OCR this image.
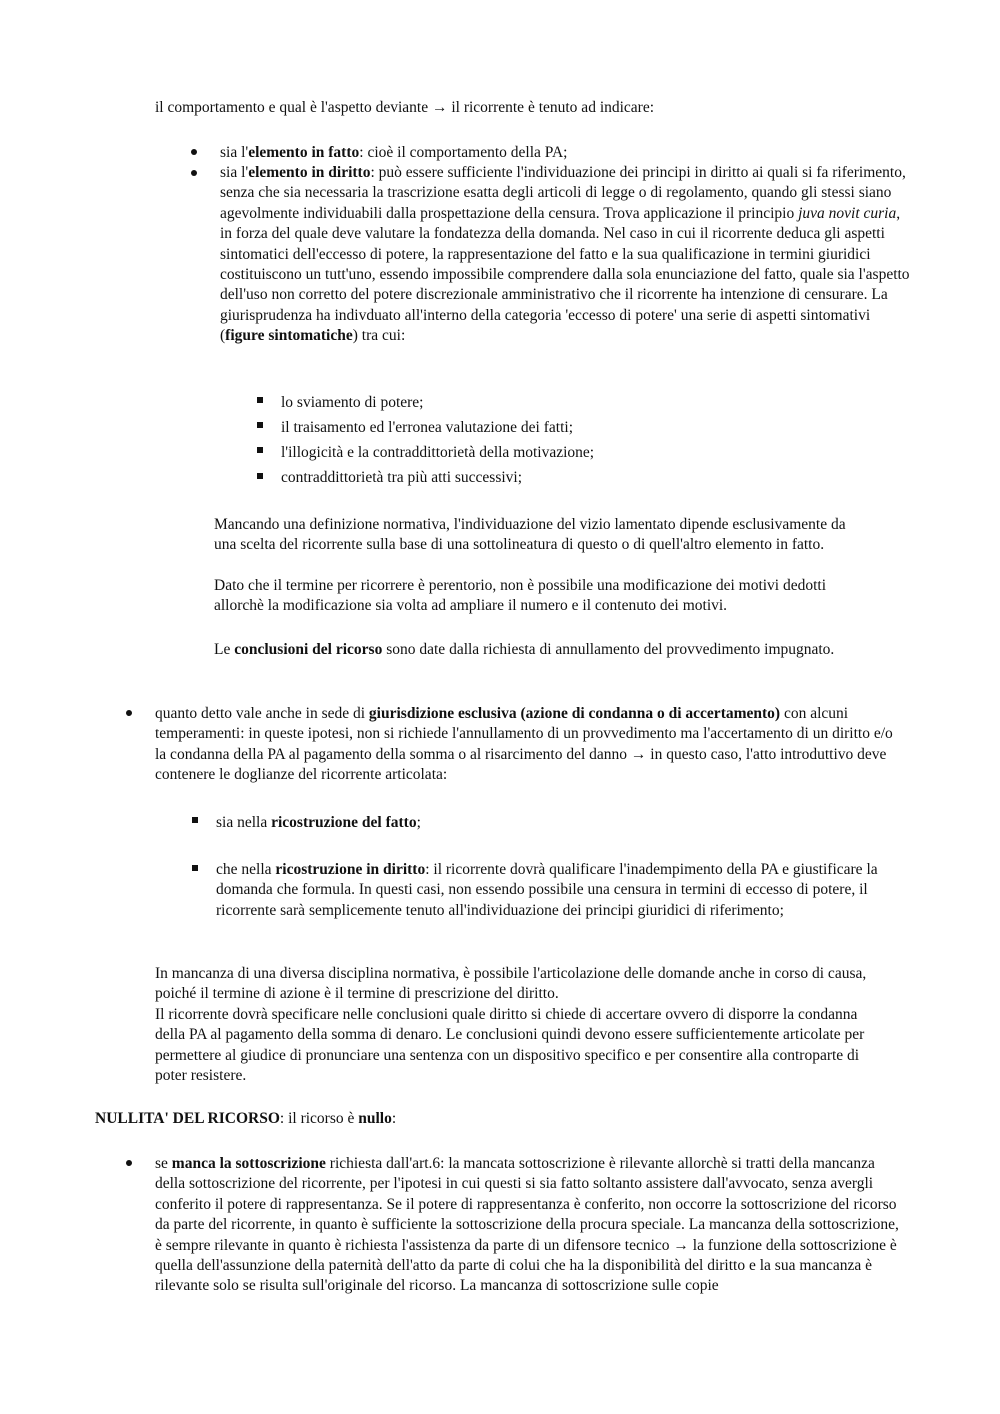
il comportamento e qual è l'aspetto deviante → il ricorrente è tenuto ad indicare:

sia l'elemento in fatto: cioè il comportamento della PA;

sia l'elemento in diritto: può essere sufficiente l'individuazione dei principi in diritto ai quali si fa riferimento, senza che sia necessaria la trascrizione esatta degli articoli di legge o di regolamento, quando gli stessi siano agevolmente individuabili dalla prospettazione della censura. Trova applicazione il principio juva novit curia, in forza del quale deve valutare la fondatezza della domanda. Nel caso in cui il ricorrente deduca gli aspetti sintomatici dell'eccesso di potere, la rappresentazione del fatto e la sua qualificazione in termini giuridici costituiscono un tutt'uno, essendo impossibile comprendere dalla sola enunciazione del fatto, quale sia l'aspetto dell'uso non corretto del potere discrezionale amministrativo che il ricorrente ha intenzione di censurare. La giurisprudenza ha indivduato all'interno della categoria 'eccesso di potere' una serie di aspetti sintomativi (figure sintomatiche) tra cui:

lo sviamento di potere;

il traisamento ed l'erronea valutazione dei fatti;

l'illogicità e la contraddittorietà della motivazione;

contraddittorietà tra più atti successivi;

Mancando una definizione normativa, l'individuazione del vizio lamentato dipende esclusivamente da una scelta del ricorrente sulla base di una sottolineatura di questo o di quell'altro elemento in fatto.

Dato che il termine per ricorrere è perentorio, non è possibile una modificazione dei motivi dedotti allorchè la modificazione sia volta ad ampliare il numero e il contenuto dei motivi.

Le conclusioni del ricorso sono date dalla richiesta di annullamento del provvedimento impugnato.

quanto detto vale anche in sede di giurisdizione esclusiva (azione di condanna o di accertamento) con alcuni temperamenti: in queste ipotesi, non si richiede l'annullamento di un provvedimento ma l'accertamento di un diritto e/o la condanna della PA al pagamento della somma o al risarcimento del danno → in questo caso, l'atto introduttivo deve contenere le doglianze del ricorrente articolata:

sia nella ricostruzione del fatto;

che nella ricostruzione in diritto: il ricorrente dovrà qualificare l'inadempimento della PA e giustificare la domanda che formula. In questi casi, non essendo possibile una censura in termini di eccesso di potere, il ricorrente sarà semplicemente tenuto all'individuazione dei principi giuridici di riferimento;

In mancanza di una diversa disciplina normativa, è possibile l'articolazione delle domande anche in corso di causa, poiché il termine di azione è il termine di prescrizione del diritto.

Il ricorrente dovrà specificare nelle conclusioni quale diritto si chiede di accertare ovvero di disporre la condanna della PA al pagamento della somma di denaro. Le conclusioni quindi devono essere sufficientemente articolate per permettere al giudice di pronunciare una sentenza con un dispositivo specifico e per consentire alla controparte di poter resistere.

NULLITA' DEL RICORSO: il ricorso è nullo:

se manca la sottoscrizione richiesta dall'art.6: la mancata sottoscrizione è rilevante allorchè si tratti della mancanza della sottoscrizione del ricorrente, per l'ipotesi in cui questi si sia fatto soltanto assistere dall'avvocato, senza avergli conferito il potere di rappresentanza. Se il potere di rappresentanza è conferito, non occorre la sottoscrizione del ricorso da parte del ricorrente, in quanto è sufficiente la sottoscrizione della procura speciale. La mancanza della sottoscrizione, è sempre rilevante in quanto è richiesta l'assistenza da parte di un difensore tecnico → la funzione della sottoscrizione è quella dell'assunzione della paternità dell'atto da parte di colui che ha la disponibilità del diritto e la sua mancanza è rilevante solo se risulta sull'originale del ricorso. La mancanza di sottoscrizione sulle copie
